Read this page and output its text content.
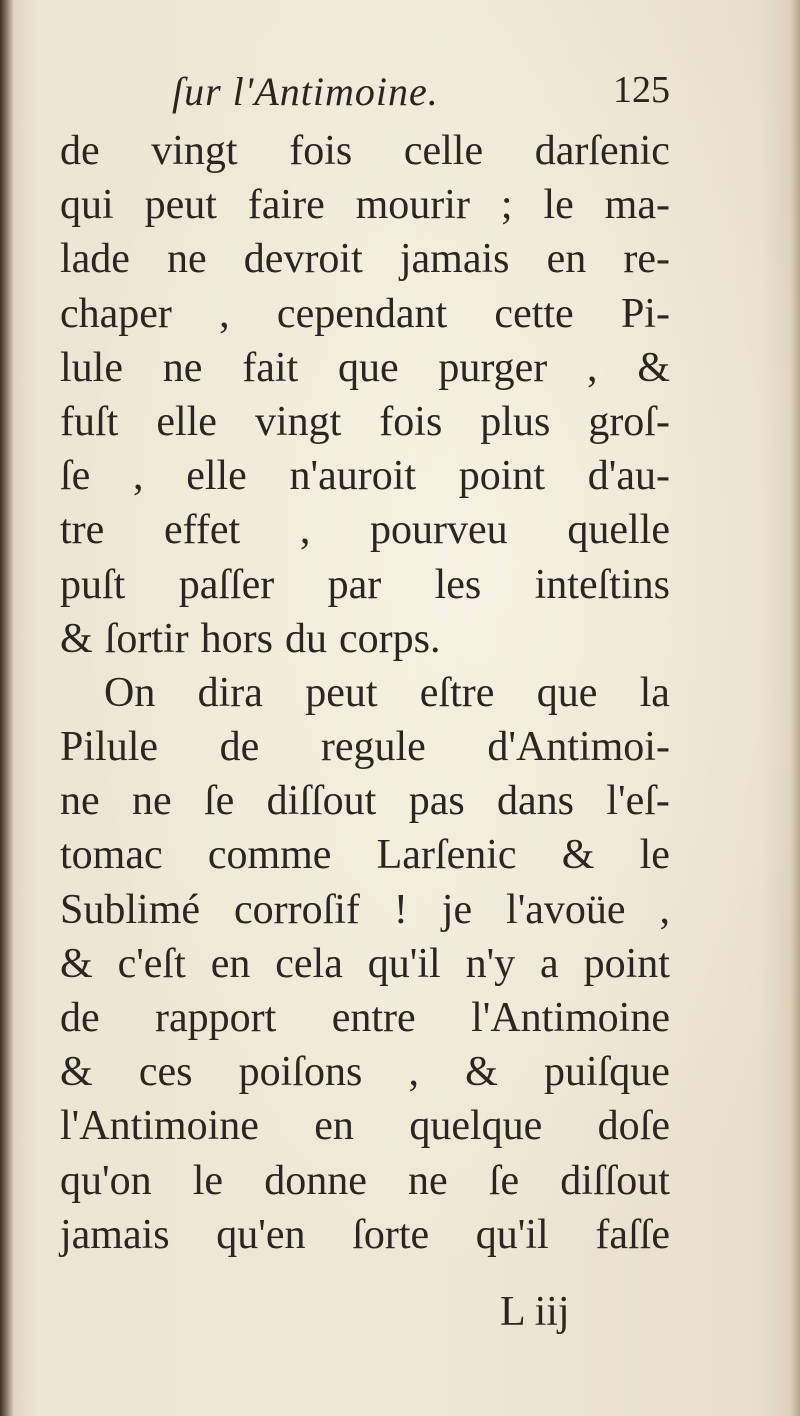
ſur l'Antimoine.	125
de vingt fois celle darſenic
qui peut faire mourir ; le ma-
lade ne devroit jamais en re-
chaper , cependant cette Pi-
lule ne fait que purger , &
fuſt elle vingt fois plus groſ-
ſe , elle n'auroit point d'au-
tre effet , pourveu quelle
puſt paſſer par les inteſtins
& ſortir hors du corps.
On dira peut eſtre que la
Pilule de regule d'Antimoi-
ne ne ſe diſſout pas dans l'eſ-
tomac comme Larſenic & le
Sublimé corroſif ! je l'avoüe ,
& c'eſt en cela qu'il n'y a point
de rapport entre l'Antimoine
& ces poiſons , & puiſque
l'Antimoine en quelque doſe
qu'on le donne ne ſe diſſout
jamais qu'en ſorte qu'il faſſe
L iij
